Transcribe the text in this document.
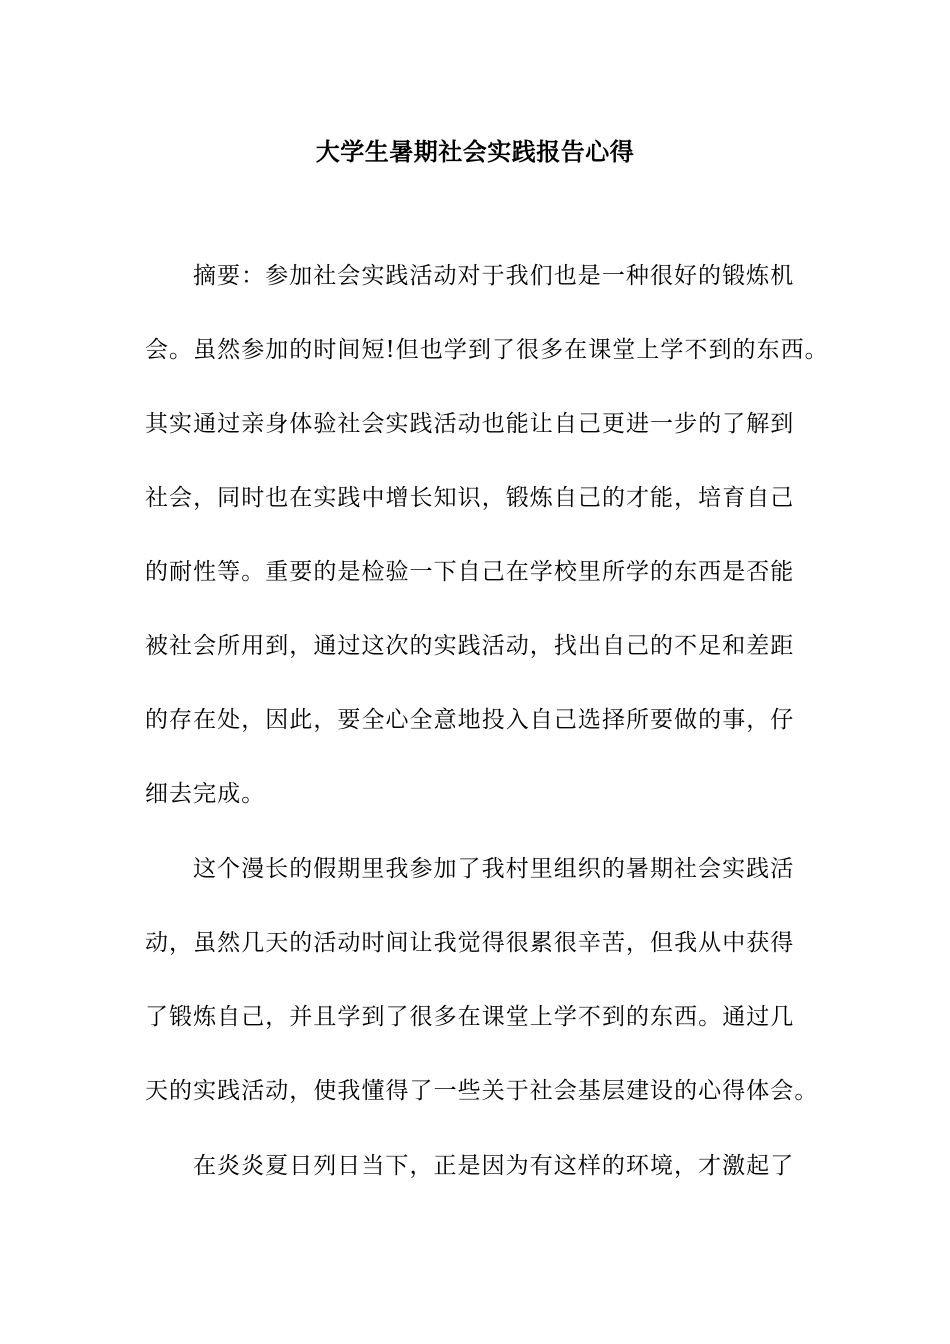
大学生暑期社会实践报告心得
摘要：参加社会实践活动对于我们也是一种很好的锻炼机
会。虽然参加的时间短!但也学到了很多在课堂上学不到的东西。
其实通过亲身体验社会实践活动也能让自己更进一步的了解到
社会，同时也在实践中增长知识，锻炼自己的才能，培育自己
的耐性等。重要的是检验一下自己在学校里所学的东西是否能
被社会所用到，通过这次的实践活动，找出自己的不足和差距
的存在处，因此，要全心全意地投入自己选择所要做的事，仔
细去完成。
这个漫长的假期里我参加了我村里组织的暑期社会实践活
动，虽然几天的活动时间让我觉得很累很辛苦，但我从中获得
了锻炼自己，并且学到了很多在课堂上学不到的东西。通过几
天的实践活动，使我懂得了一些关于社会基层建设的心得体会。
在炎炎夏日列日当下，正是因为有这样的环境，才激起了
